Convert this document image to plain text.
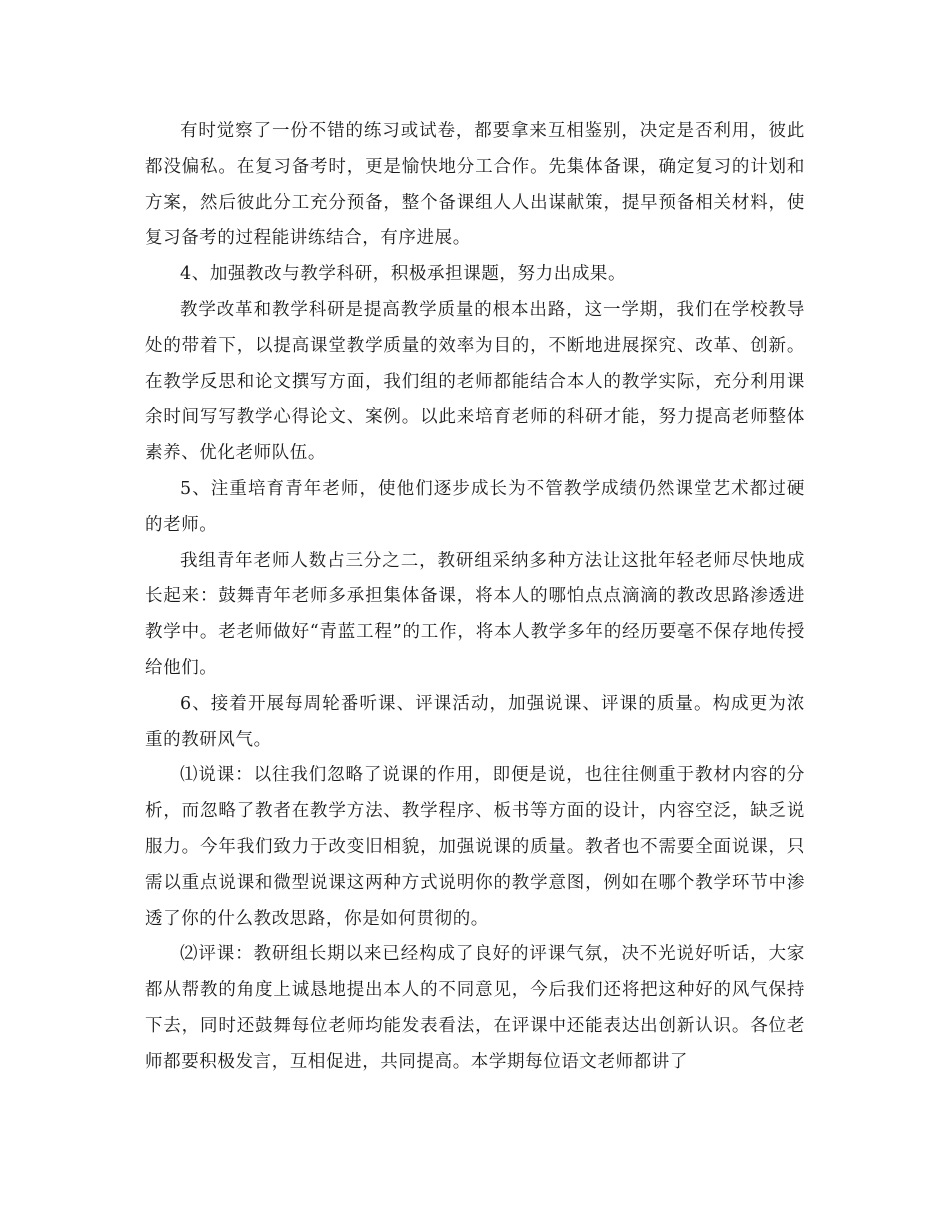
有时觉察了一份不错的练习或试卷，都要拿来互相鉴别，决定是否利用，彼此都没偏私。在复习备考时，更是愉快地分工合作。先集体备课，确定复习的计划和方案，然后彼此分工充分预备，整个备课组人人出谋献策，提早预备相关材料，使复习备考的过程能讲练结合，有序进展。

4、加强教改与教学科研，积极承担课题，努力出成果。

教学改革和教学科研是提高教学质量的根本出路，这一学期，我们在学校教导处的带着下，以提高课堂教学质量的效率为目的，不断地进展探究、改革、创新。在教学反思和论文撰写方面，我们组的老师都能结合本人的教学实际，充分利用课余时间写写教学心得论文、案例。以此来培育老师的科研才能，努力提高老师整体素养、优化老师队伍。

5、注重培育青年老师，使他们逐步成长为不管教学成绩仍然课堂艺术都过硬的老师。

我组青年老师人数占三分之二，教研组采纳多种方法让这批年轻老师尽快地成长起来：鼓舞青年老师多承担集体备课，将本人的哪怕点点滴滴的教改思路渗透进教学中。老老师做好“青蓝工程”的工作，将本人教学多年的经历要毫不保存地传授给他们。

6、接着开展每周轮番听课、评课活动，加强说课、评课的质量。构成更为浓重的教研风气。

⑴说课：以往我们忽略了说课的作用，即便是说，也往往侧重于教材内容的分析，而忽略了教者在教学方法、教学程序、板书等方面的设计，内容空泛，缺乏说服力。今年我们致力于改变旧相貌，加强说课的质量。教者也不需要全面说课，只需以重点说课和微型说课这两种方式说明你的教学意图，例如在哪个教学环节中渗透了你的什么教改思路，你是如何贯彻的。

⑵评课：教研组长期以来已经构成了良好的评课气氛，决不光说好听话，大家都从帮教的角度上诚恳地提出本人的不同意见，今后我们还将把这种好的风气保持下去，同时还鼓舞每位老师均能发表看法，在评课中还能表达出创新认识。各位老师都要积极发言，互相促进，共同提高。本学期每位语文老师都讲了
